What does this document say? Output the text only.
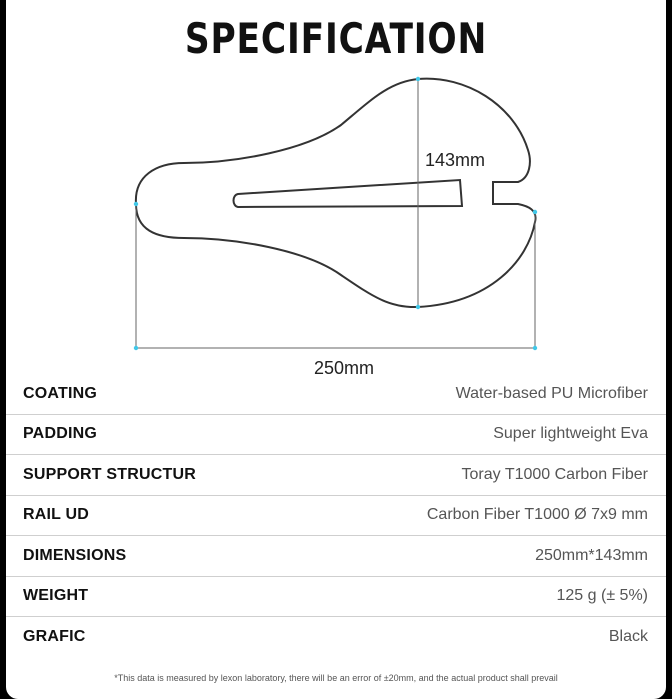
SPECIFICATION
143mm
250mm
COATING	Water-based PU Microfiber
PADDING	Super lightweight Eva
SUPPORT STRUCTUR	Toray T1000 Carbon Fiber
RAIL UD	Carbon Fiber T1000 Ø 7x9 mm
DIMENSIONS	250mm*143mm
WEIGHT	125 g (± 5%)
GRAFIC	Black
*This data is measured by lexon laboratory, there will be an error of ±20mm, and the actual product shall prevail
